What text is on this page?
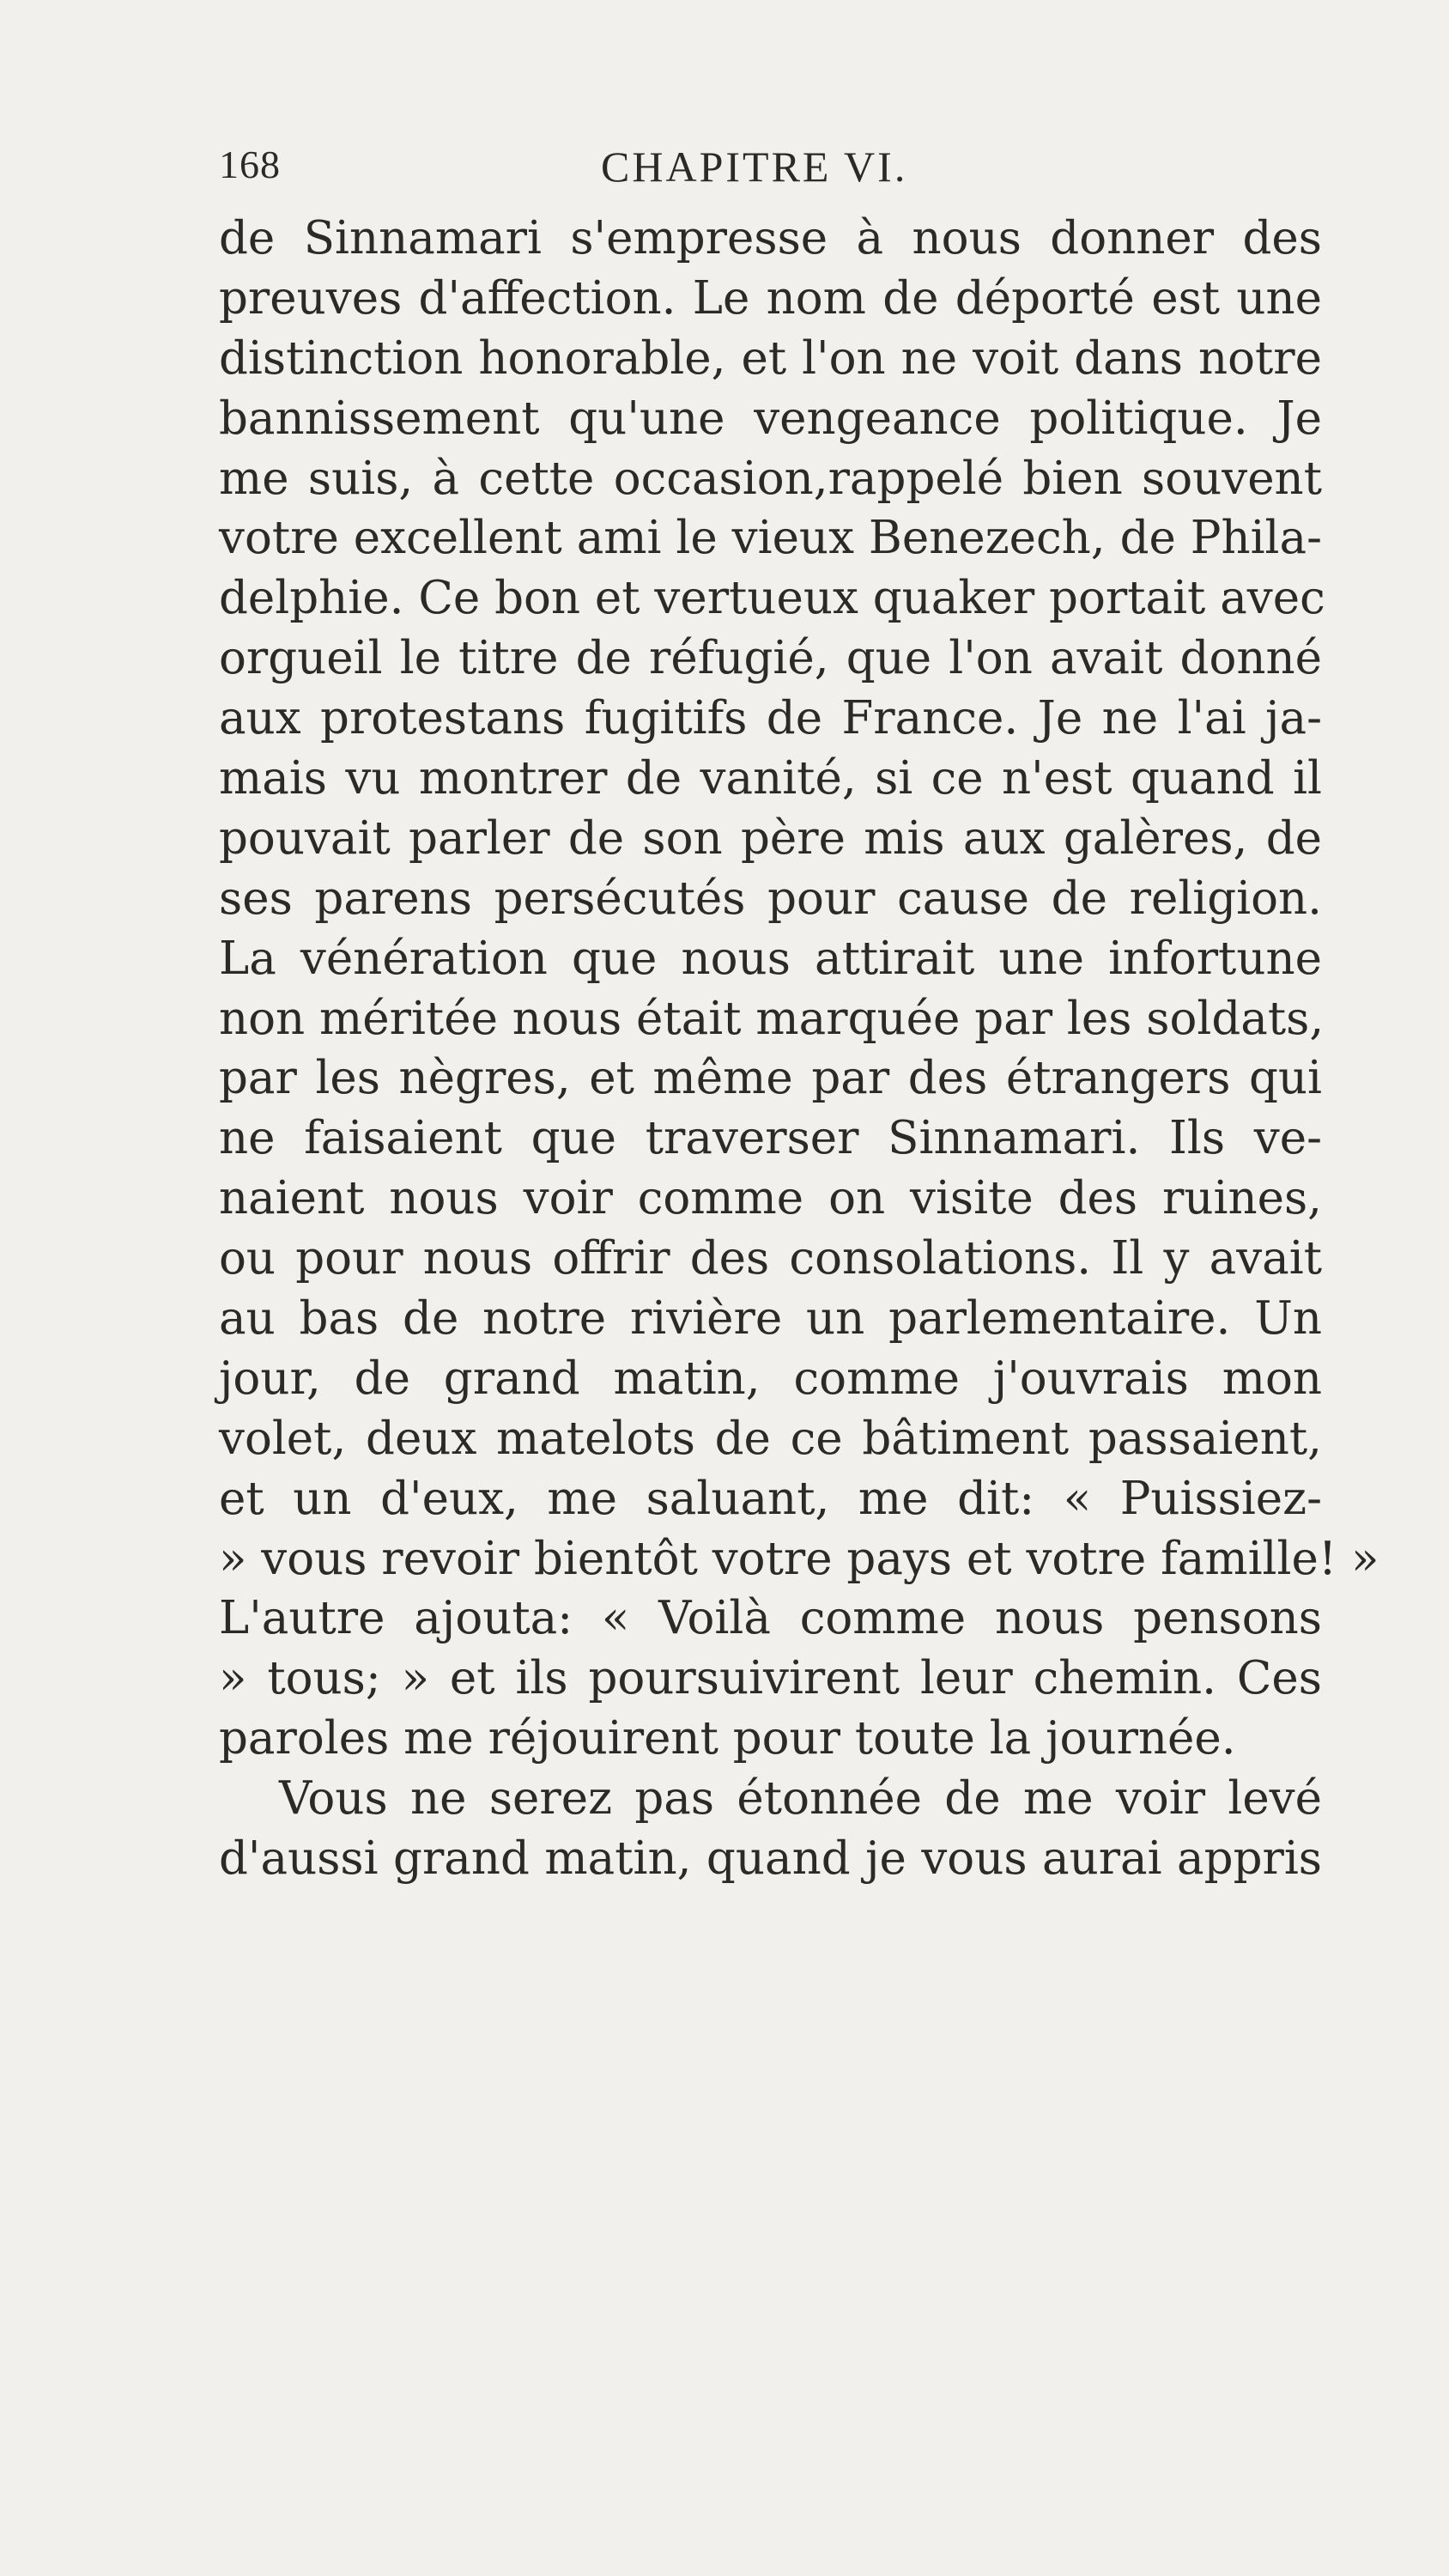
168	CHAPITRE VI.
de Sinnamari s'empresse à nous donner des
preuves d'affection. Le nom de déporté est une
distinction honorable, et l'on ne voit dans notre
bannissement qu'une vengeance politique. Je
me suis, à cette occasion,rappelé bien souvent
votre excellent ami le vieux Benezech, de Phila-
delphie. Ce bon et vertueux quaker portait avec
orgueil le titre de réfugié, que l'on avait donné
aux protestans fugitifs de France. Je ne l'ai ja-
mais vu montrer de vanité, si ce n'est quand il
pouvait parler de son père mis aux galères, de
ses parens persécutés pour cause de religion.
La vénération que nous attirait une infortune
non méritée nous était marquée par les soldats,
par les nègres, et même par des étrangers qui
ne faisaient que traverser Sinnamari. Ils ve-
naient nous voir comme on visite des ruines,
ou pour nous offrir des consolations. Il y avait
au bas de notre rivière un parlementaire. Un
jour, de grand matin, comme j'ouvrais mon
volet, deux matelots de ce bâtiment passaient,
et un d'eux, me saluant, me dit: « Puissiez-
» vous revoir bientôt votre pays et votre famille! »
L'autre ajouta: « Voilà comme nous pensons
» tous; » et ils poursuivirent leur chemin. Ces
paroles me réjouirent pour toute la journée.
Vous ne serez pas étonnée de me voir levé
d'aussi grand matin, quand je vous aurai appris
